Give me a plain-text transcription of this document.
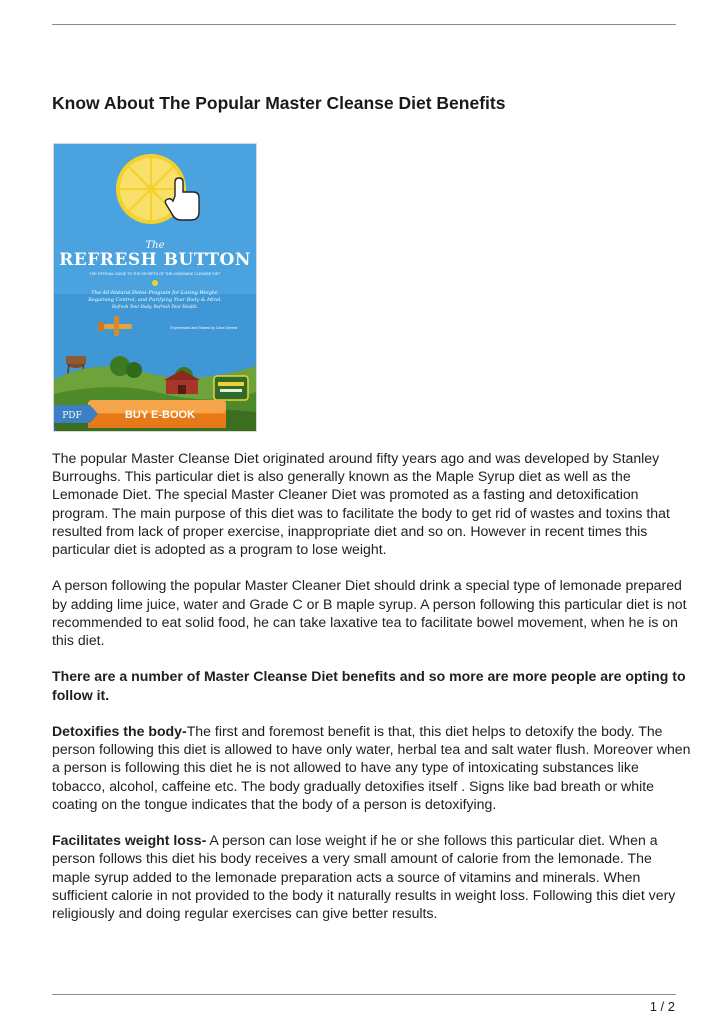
Know About The Popular Master Cleanse Diet Benefits
The
REFRESH BUTTON
THE OFFICIAL GUIDE TO THE SECRETS OF THE LEMONADE CLEANSE DIET
The All-Natural Detox Program for Losing Weight,
Regaining Control, and Purifying Your Body & Mind.
Refresh Your Body. Refresh Your Health.
Experienced and Shared by Carol Greene
PDF	BUY E-BOOK

The popular Master Cleanse Diet originated around fifty years ago and was developed by Stanley Burroughs. This particular diet is also generally known as the Maple Syrup diet as well as the Lemonade Diet. The special Master Cleaner Diet was promoted as a fasting and detoxification program. The main purpose of this diet was to facilitate the body to get rid of wastes and toxins that resulted from lack of proper exercise, inappropriate diet and so on. However in recent times this particular diet is adopted as a program to lose weight.

A person following the popular Master Cleaner Diet should drink a special type of lemonade prepared by adding lime juice, water and Grade C or B maple syrup. A person following this particular diet is not recommended to eat solid food, he can take laxative tea to facilitate bowel movement, when he is on this diet.

There are a number of Master Cleanse Diet benefits and so more are more people are opting to follow it.

Detoxifies the body-The first and foremost benefit is that, this diet helps to detoxify the body. The person following this diet is allowed to have only water, herbal tea and salt water flush. Moreover when a person is following this diet he is not allowed to have any type of intoxicating substances like tobacco, alcohol, caffeine etc. The body gradually detoxifies itself . Signs like bad breath or white coating on the tongue indicates that the body of a person is detoxifying.

Facilitates weight loss- A person can lose weight if he or she follows this particular diet. When a person follows this diet his body receives a very small amount of calorie from the lemonade. The maple syrup added to the lemonade preparation acts a source of vitamins and minerals. When sufficient calorie in not provided to the body it naturally results in weight loss. Following this diet very religiously and doing regular exercises can give better results.

1 / 2
